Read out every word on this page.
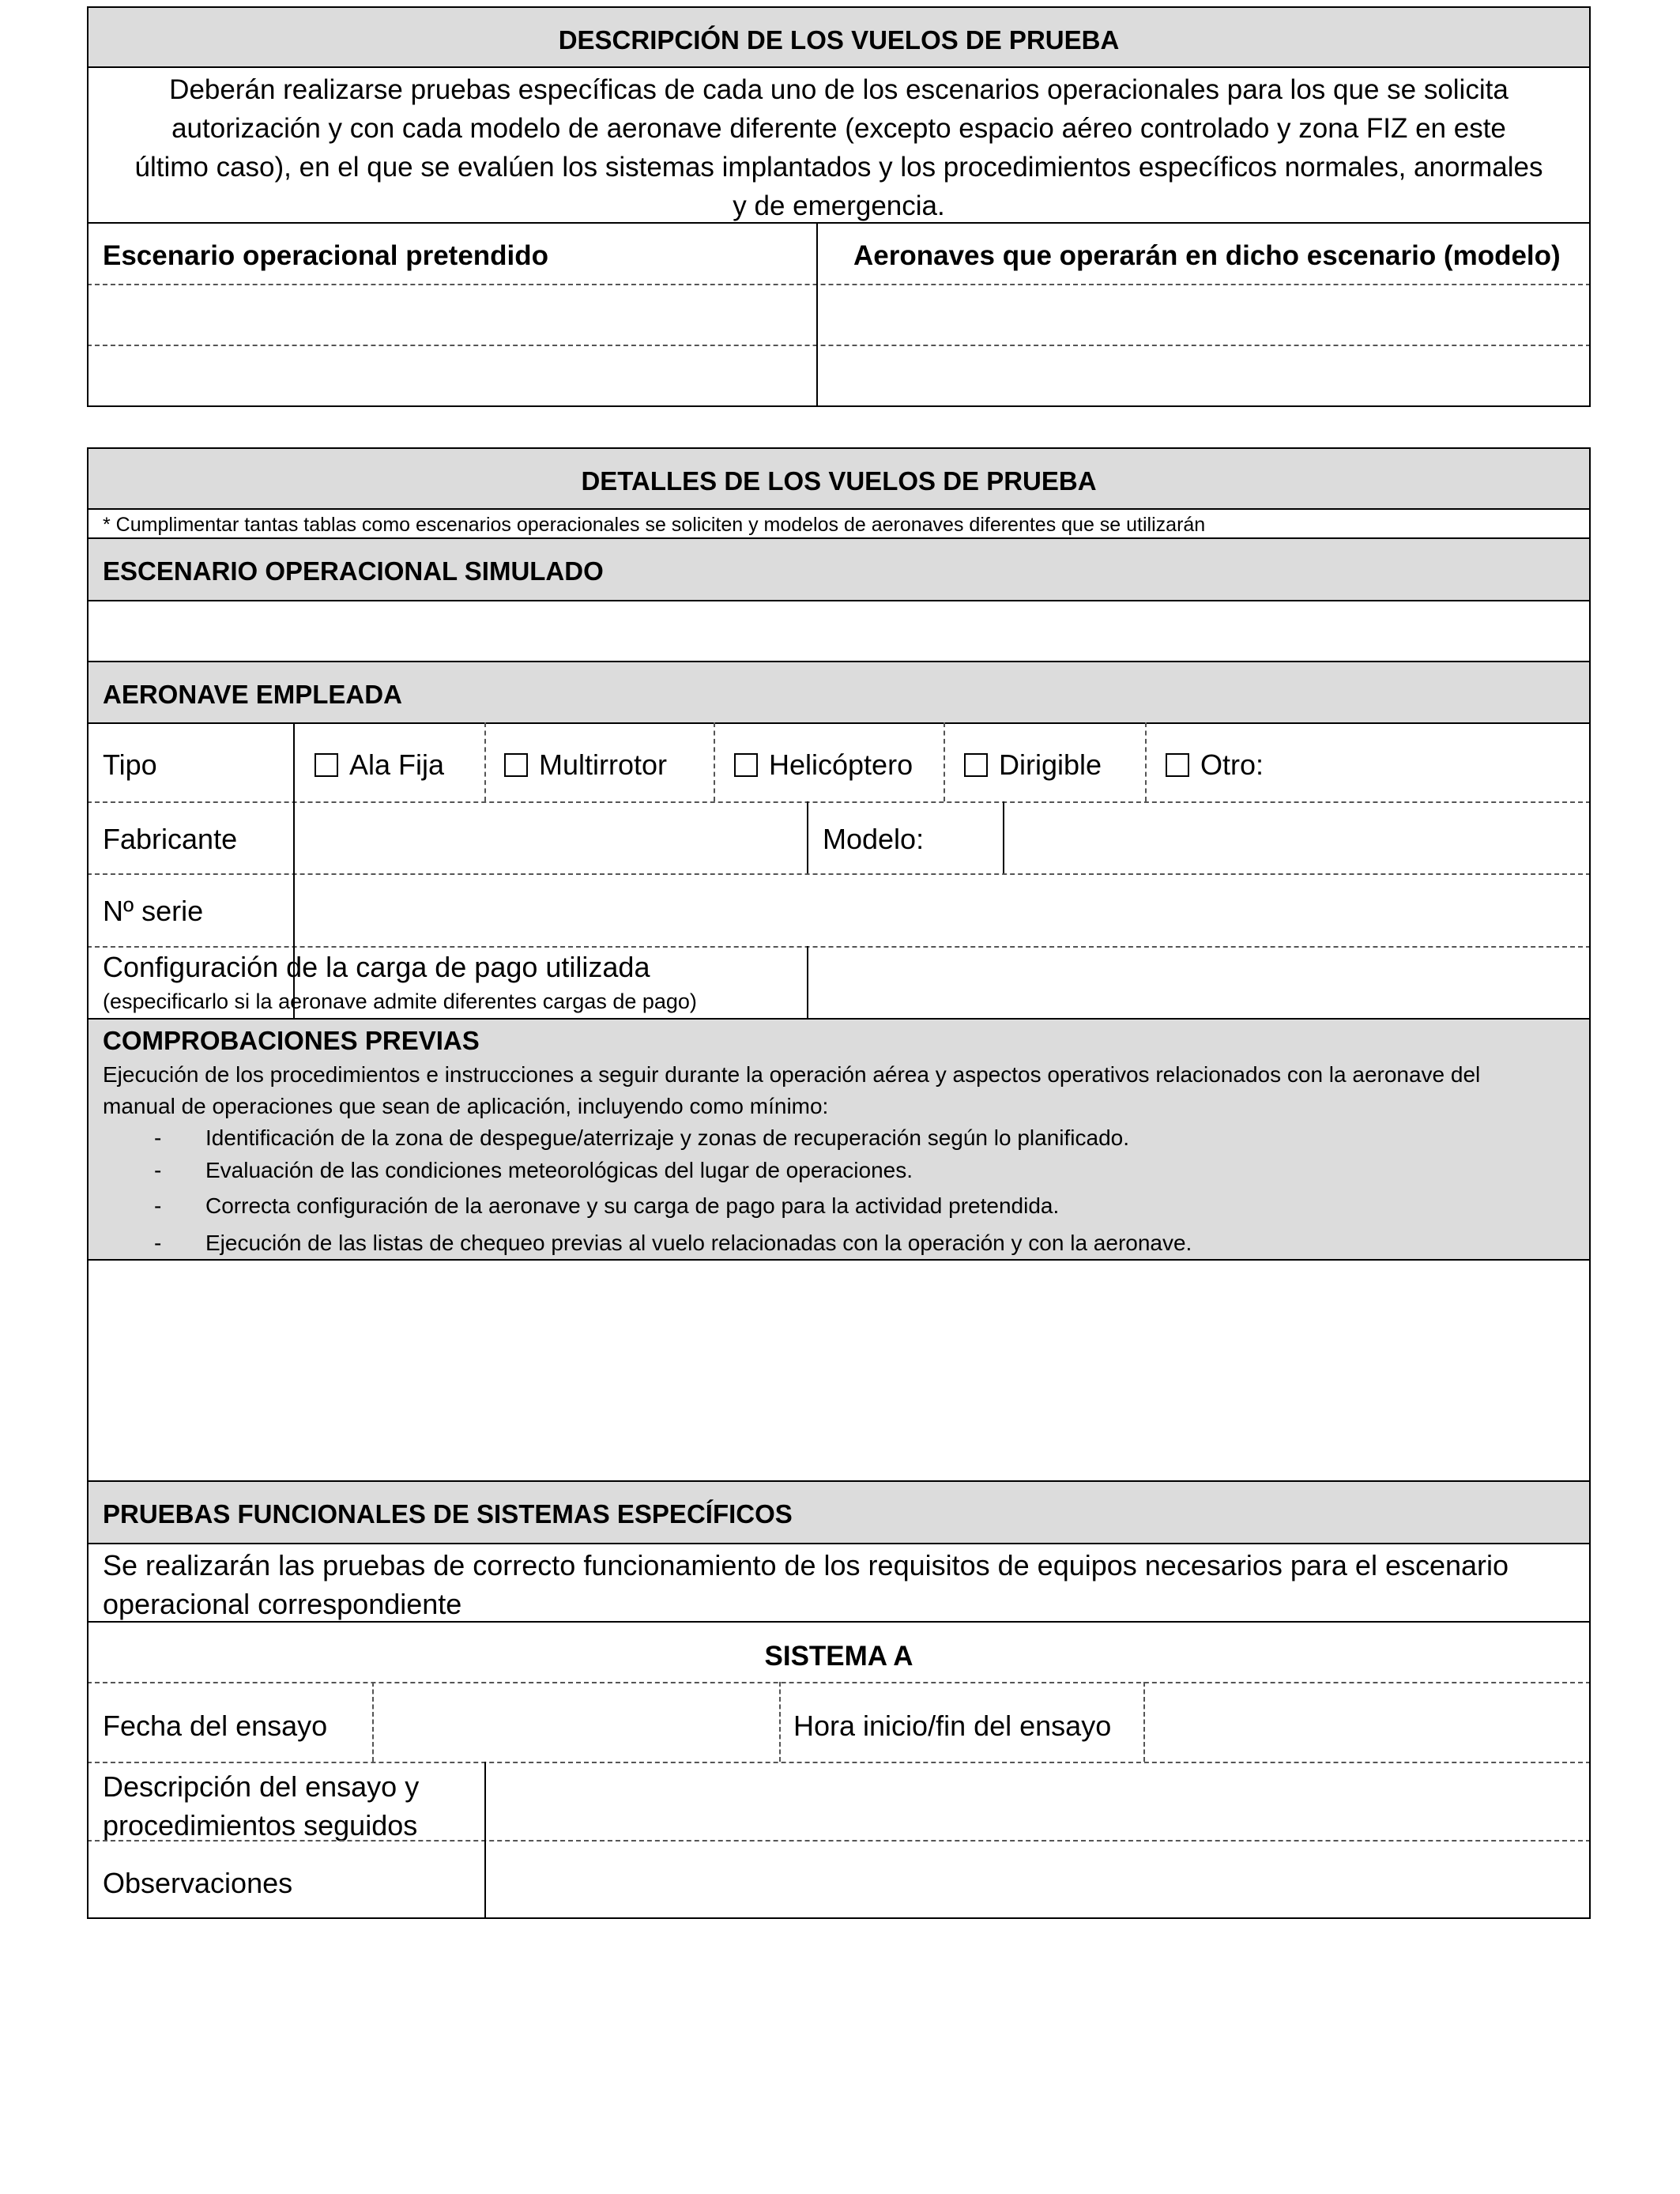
DESCRIPCIÓN DE LOS VUELOS DE PRUEBA
Deberán realizarse pruebas específicas de cada uno de los escenarios operacionales para los que se solicita
autorización y con cada modelo de aeronave diferente (excepto espacio aéreo controlado y zona FIZ en este
último caso), en el que se evalúen los sistemas implantados y los procedimientos específicos normales, anormales
y de emergencia.
Escenario operacional pretendido	Aeronaves que operarán en dicho escenario (modelo)
DETALLES DE LOS VUELOS DE PRUEBA
* Cumplimentar tantas tablas como escenarios operacionales se soliciten y modelos de aeronaves diferentes que se utilizarán
ESCENARIO OPERACIONAL SIMULADO
AERONAVE EMPLEADA
Tipo	Ala Fija	Multirrotor	Helicóptero	Dirigible	Otro:
Fabricante	Modelo:
Nº serie
Configuración de la carga de pago utilizada
(especificarlo si la aeronave admite diferentes cargas de pago)
COMPROBACIONES PREVIAS
Ejecución de los procedimientos e instrucciones a seguir durante la operación aérea y aspectos operativos relacionados con la aeronave del
manual de operaciones que sean de aplicación, incluyendo como mínimo:
- Identificación de la zona de despegue/aterrizaje y zonas de recuperación según lo planificado.
- Evaluación de las condiciones meteorológicas del lugar de operaciones.
- Correcta configuración de la aeronave y su carga de pago para la actividad pretendida.
- Ejecución de las listas de chequeo previas al vuelo relacionadas con la operación y con la aeronave.
PRUEBAS FUNCIONALES DE SISTEMAS ESPECÍFICOS
Se realizarán las pruebas de correcto funcionamiento de los requisitos de equipos necesarios para el escenario
operacional correspondiente
SISTEMA A
Fecha del ensayo	Hora inicio/fin del ensayo
Descripción del ensayo y
procedimientos seguidos
Observaciones
